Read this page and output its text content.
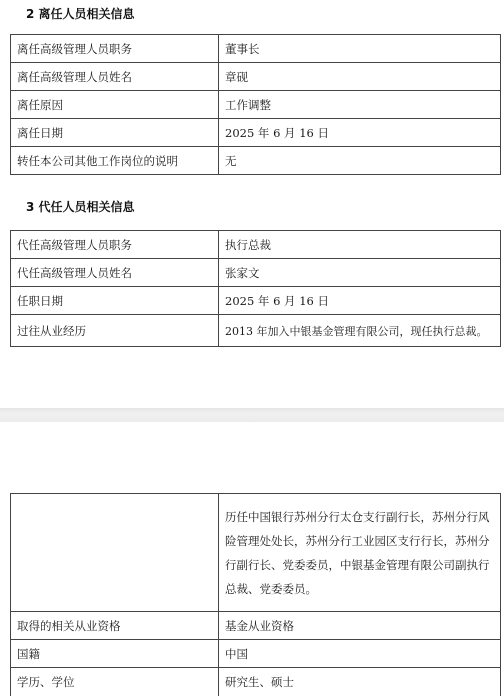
2 离任人员相关信息
离任高级管理人员职务	董事长
离任高级管理人员姓名	章砚
离任原因	工作调整
离任日期	2025 年 6 月 16 日
转任本公司其他工作岗位的说明	无
3 代任人员相关信息
代任高级管理人员职务	执行总裁
代任高级管理人员姓名	张家文
任职日期	2025 年 6 月 16 日
过往从业经历	2013 年加入中银基金管理有限公司，现任执行总裁。
	历任中国银行苏州分行太仓支行副行长，苏州分行风险管理处处长，苏州分行工业园区支行行长，苏州分行副行长、党委委员，中银基金管理有限公司副执行总裁、党委委员。
取得的相关从业资格	基金从业资格
国籍	中国
学历、学位	研究生、硕士
